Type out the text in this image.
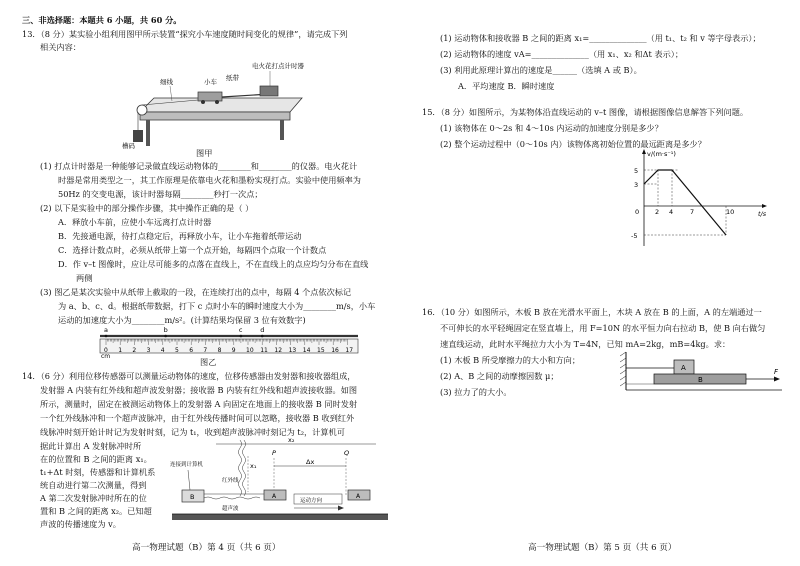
三、非选择题：本题共 6 小题，共 60 分。
13．（8 分）某实验小组利用图甲所示装置“探究小车速度随时间变化的规律”，请完成下列
相关内容：
细线	小车 纸带
电火花打点计时器
槽码
图甲
(1) 打点计时器是一种能够记录做直线运动物体的________和________的仪器。电火花计
时器是常用类型之一，其工作原理是依靠电火花和墨粉实现打点。实验中使用频率为
50Hz 的交变电源，该计时器每隔________秒打一次点；
(2) 以下是实验中的部分操作步骤，其中操作正确的是（ ）
A．释放小车前，应使小车远离打点计时器
B．先接通电源，待打点稳定后，再释放小车，让小车拖着纸带运动
C．选择计数点时，必须从纸带上第一个点开始，每隔四个点取一个计数点
D．作 v–t 图像时，应让尽可能多的点落在直线上，不在直线上的点应均匀分布在直线
两侧
(3) 图乙是某次实验中从纸带上截取的一段，在连续打出的点中，每隔 4 个点依次标记
为 a、b、c、d。根据纸带数据，打下 c 点时小车的瞬时速度大小为________m/s，小车
运动的加速度大小为________m/s²。(计算结果均保留 3 位有效数字)
0 1 2 3 4 5 6 7 8 9 10 11 12 13 14 15 16 17
a	b	c	d
cm
图乙
14．（6 分）利用位移传感器可以测量运动物体的速度，位移传感器由发射器和接收器组成，
发射器 A 内装有红外线和超声波发射器；接收器 B 内装有红外线和超声波接收器。如图
所示，测量时，固定在被测运动物体上的发射器 A 向固定在地面上的接收器 B 同时发射
一个红外线脉冲和一个超声波脉冲，由于红外线传播时间可以忽略，接收器 B 收到红外
线脉冲时刻开始计时记为发射时刻，记为 t₁，收到超声波脉冲时刻记为 t₂，计算机可
据此计算出 A 发射脉冲时所
在的位置和 B 之间的距离 x₁。
t₁+Δt 时刻，传感器和计算机系
统自动进行第二次测量，得到
A 第二次发射脉冲时所在的位
置和 B 之间的距离 x₂。已知超
声波的传播速度为 v。
x₂
x₁
P	Q
Δx
连接到计算机
B
红外线
超声波
A
运动方向
A
高一物理试题（B）第 4 页（共 6 页）
(1) 运动物体和接收器 B 之间的距离 x₁=______________（用 t₁、t₂ 和 v 等字母表示）；
(2) 运动物体的速度 vA=______________（用 x₁、x₂ 和Δt 表示）；
(3) 利用此原理计算出的速度是______（选填 A 或 B）。
A．平均速度 B．瞬时速度
15．（8 分）如图所示，为某物体沿直线运动的 v–t 图像，请根据图像信息解答下列问题。
(1) 该物体在 0～2s 和 4～10s 内运动的加速度分别是多少？
(2) 整个运动过程中（0～10s 内）该物体离初始位置的最远距离是多少？
v/(m·s⁻¹)
t/s
5
3
0
-5
2 4	7	10
16．（10 分）如图所示，木板 B 放在光滑水平面上，木块 A 放在 B 的上面，A 的左端通过一
不可伸长的水平轻绳固定在竖直墙上，用 F=10N 的水平恒力向右拉动 B，使 B 向右做匀
速直线运动，此时水平绳拉力大小为 T=4N，已知 mA=2kg，mB=4kg。求：
(1) 木板 B 所受摩擦力的大小和方向；
(2) A、B 之间的动摩擦因数 μ；
(3) 拉力了的大小。
A
B
F
高一物理试题（B）第 5 页（共 6 页）
